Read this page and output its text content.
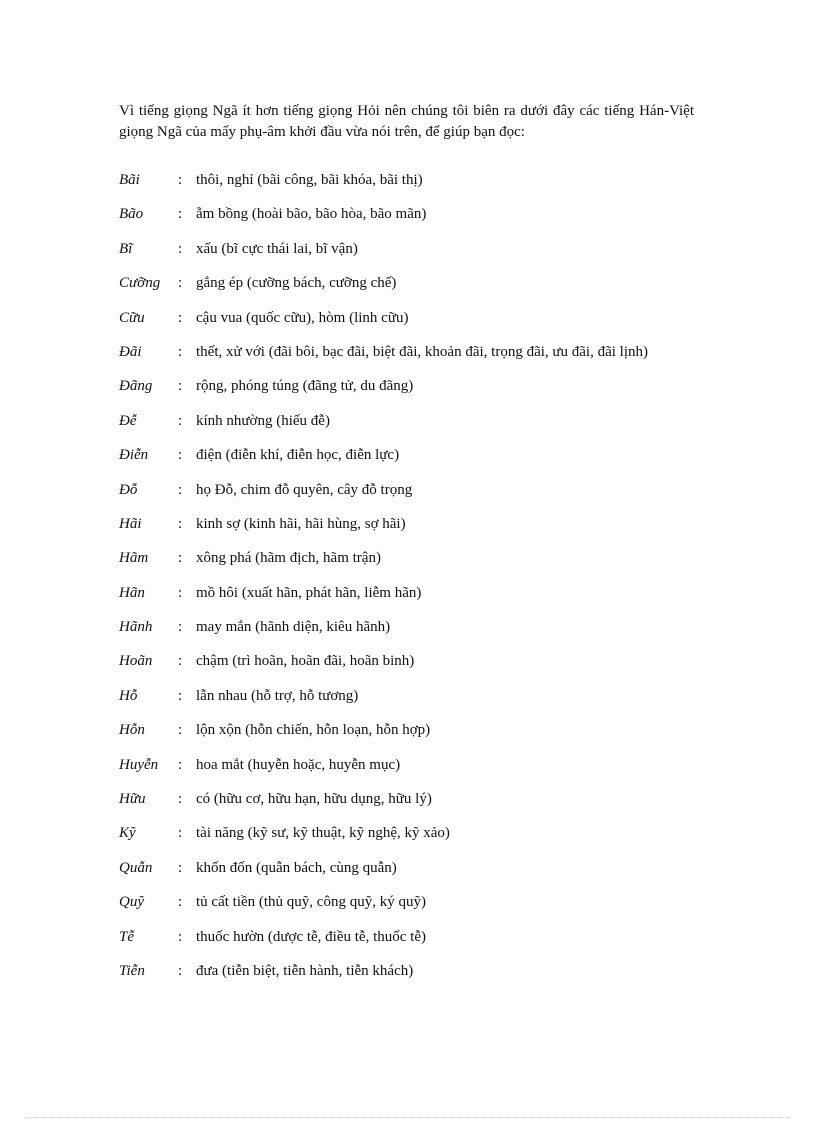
Vì tiếng giọng Ngã ít hơn tiếng giọng Hỏi nên chúng tôi biên ra dưới đây các tiếng Hán-Việt giọng Ngã của mấy phụ-âm khởi đầu vừa nói trên, để giúp bạn đọc:

Bãi	: thôi, nghỉ (bãi công, bãi khóa, bãi thị)
Bão	: ẵm bồng (hoài bão, bão hòa, bão mãn)
Bĩ	: xấu (bĩ cực thái lai, bĩ vận)
Cưỡng : gắng ép (cưỡng bách, cưỡng chế)
Cữu	: cậu vua (quốc cữu), hòm (linh cữu)
Đãi	: thết, xử với (đãi bôi, bạc đãi, biệt đãi, khoản đãi, trọng đãi, ưu đãi, đãi lịnh)
Đãng	: rộng, phóng túng (đãng tử, du đãng)
Đễ	: kính nhường (hiếu đễ)
Điễn	: điện (điễn khí, điễn học, điễn lực)
Đỗ	: họ Đỗ, chim đỗ quyên, cây đỗ trọng
Hãi	: kinh sợ (kinh hãi, hãi hùng, sợ hãi)
Hãm	: xông phá (hãm địch, hãm trận)
Hãn	: mồ hôi (xuất hãn, phát hãn, liễm hãn)
Hãnh	: may mắn (hãnh diện, kiêu hãnh)
Hoãn	: chậm (trì hoãn, hoãn đãi, hoãn binh)
Hỗ	: lẫn nhau (hỗ trợ, hỗ tương)
Hỗn	: lộn xộn (hỗn chiến, hỗn loạn, hỗn hợp)
Huyễn : hoa mắt (huyễn hoặc, huyễn mục)
Hữu	: có (hữu cơ, hữu hạn, hữu dụng, hữu lý)
Kỹ	: tài năng (kỹ sư, kỹ thuật, kỹ nghệ, kỹ xảo)
Quẫn	: khốn đốn (quẫn bách, cùng quẫn)
Quỹ	: tủ cất tiền (thủ quỹ, công quỹ, ký quỹ)
Tễ	: thuốc hườn (dược tễ, điều tễ, thuốc tễ)
Tiễn	: đưa (tiễn biệt, tiễn hành, tiễn khách)
